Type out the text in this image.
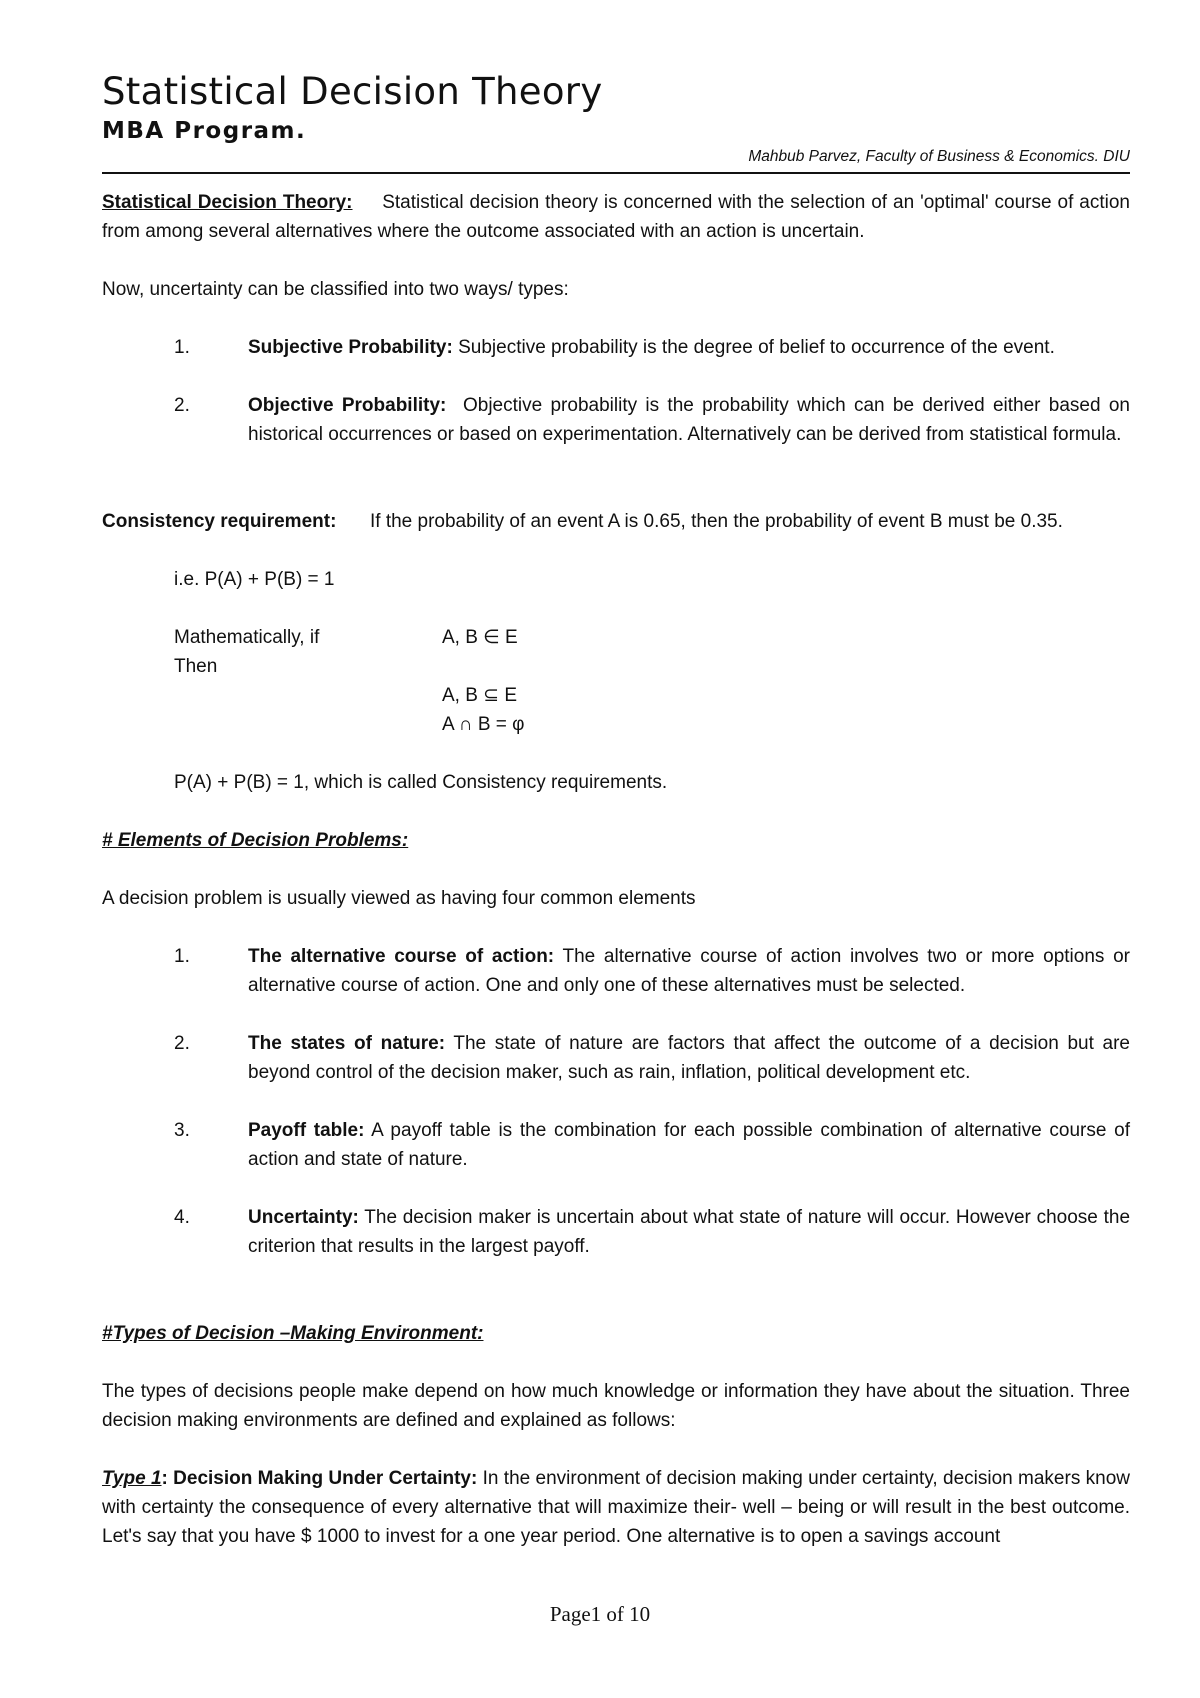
Statistical Decision Theory
MBA Program.
Mahbub Parvez, Faculty of Business & Economics. DIU
Statistical Decision Theory: Statistical decision theory is concerned with the selection of an 'optimal' course of action from among several alternatives where the outcome associated with an action is uncertain.
Now, uncertainty can be classified into two ways/ types:
1.	Subjective Probability: Subjective probability is the degree of belief to occurrence of the event.
2.	Objective Probability: Objective probability is the probability which can be derived either based on historical occurrences or based on experimentation. Alternatively can be derived from statistical formula.
Consistency requirement: If the probability of an event A is 0.65, then the probability of event B must be 0.35.
i.e. P(A) + P(B) = 1
Mathematically, if	A, B ∈ E
Then
A, B ⊆ E
A ∩ B = φ
P(A) + P(B) = 1, which is called Consistency requirements.
# Elements of Decision Problems:
A decision problem is usually viewed as having four common elements
1.	The alternative course of action: The alternative course of action involves two or more options or alternative course of action. One and only one of these alternatives must be selected.
2.	The states of nature: The state of nature are factors that affect the outcome of a decision but are beyond control of the decision maker, such as rain, inflation, political development etc.
3.	Payoff table: A payoff table is the combination for each possible combination of alternative course of action and state of nature.
4.	Uncertainty: The decision maker is uncertain about what state of nature will occur. However choose the criterion that results in the largest payoff.
#Types of Decision –Making Environment:
The types of decisions people make depend on how much knowledge or information they have about the situation. Three decision making environments are defined and explained as follows:
Type 1: Decision Making Under Certainty: In the environment of decision making under certainty, decision makers know with certainty the consequence of every alternative that will maximize their- well – being or will result in the best outcome. Let's say that you have $ 1000 to invest for a one year period. One alternative is to open a savings account
Page1 of 10
